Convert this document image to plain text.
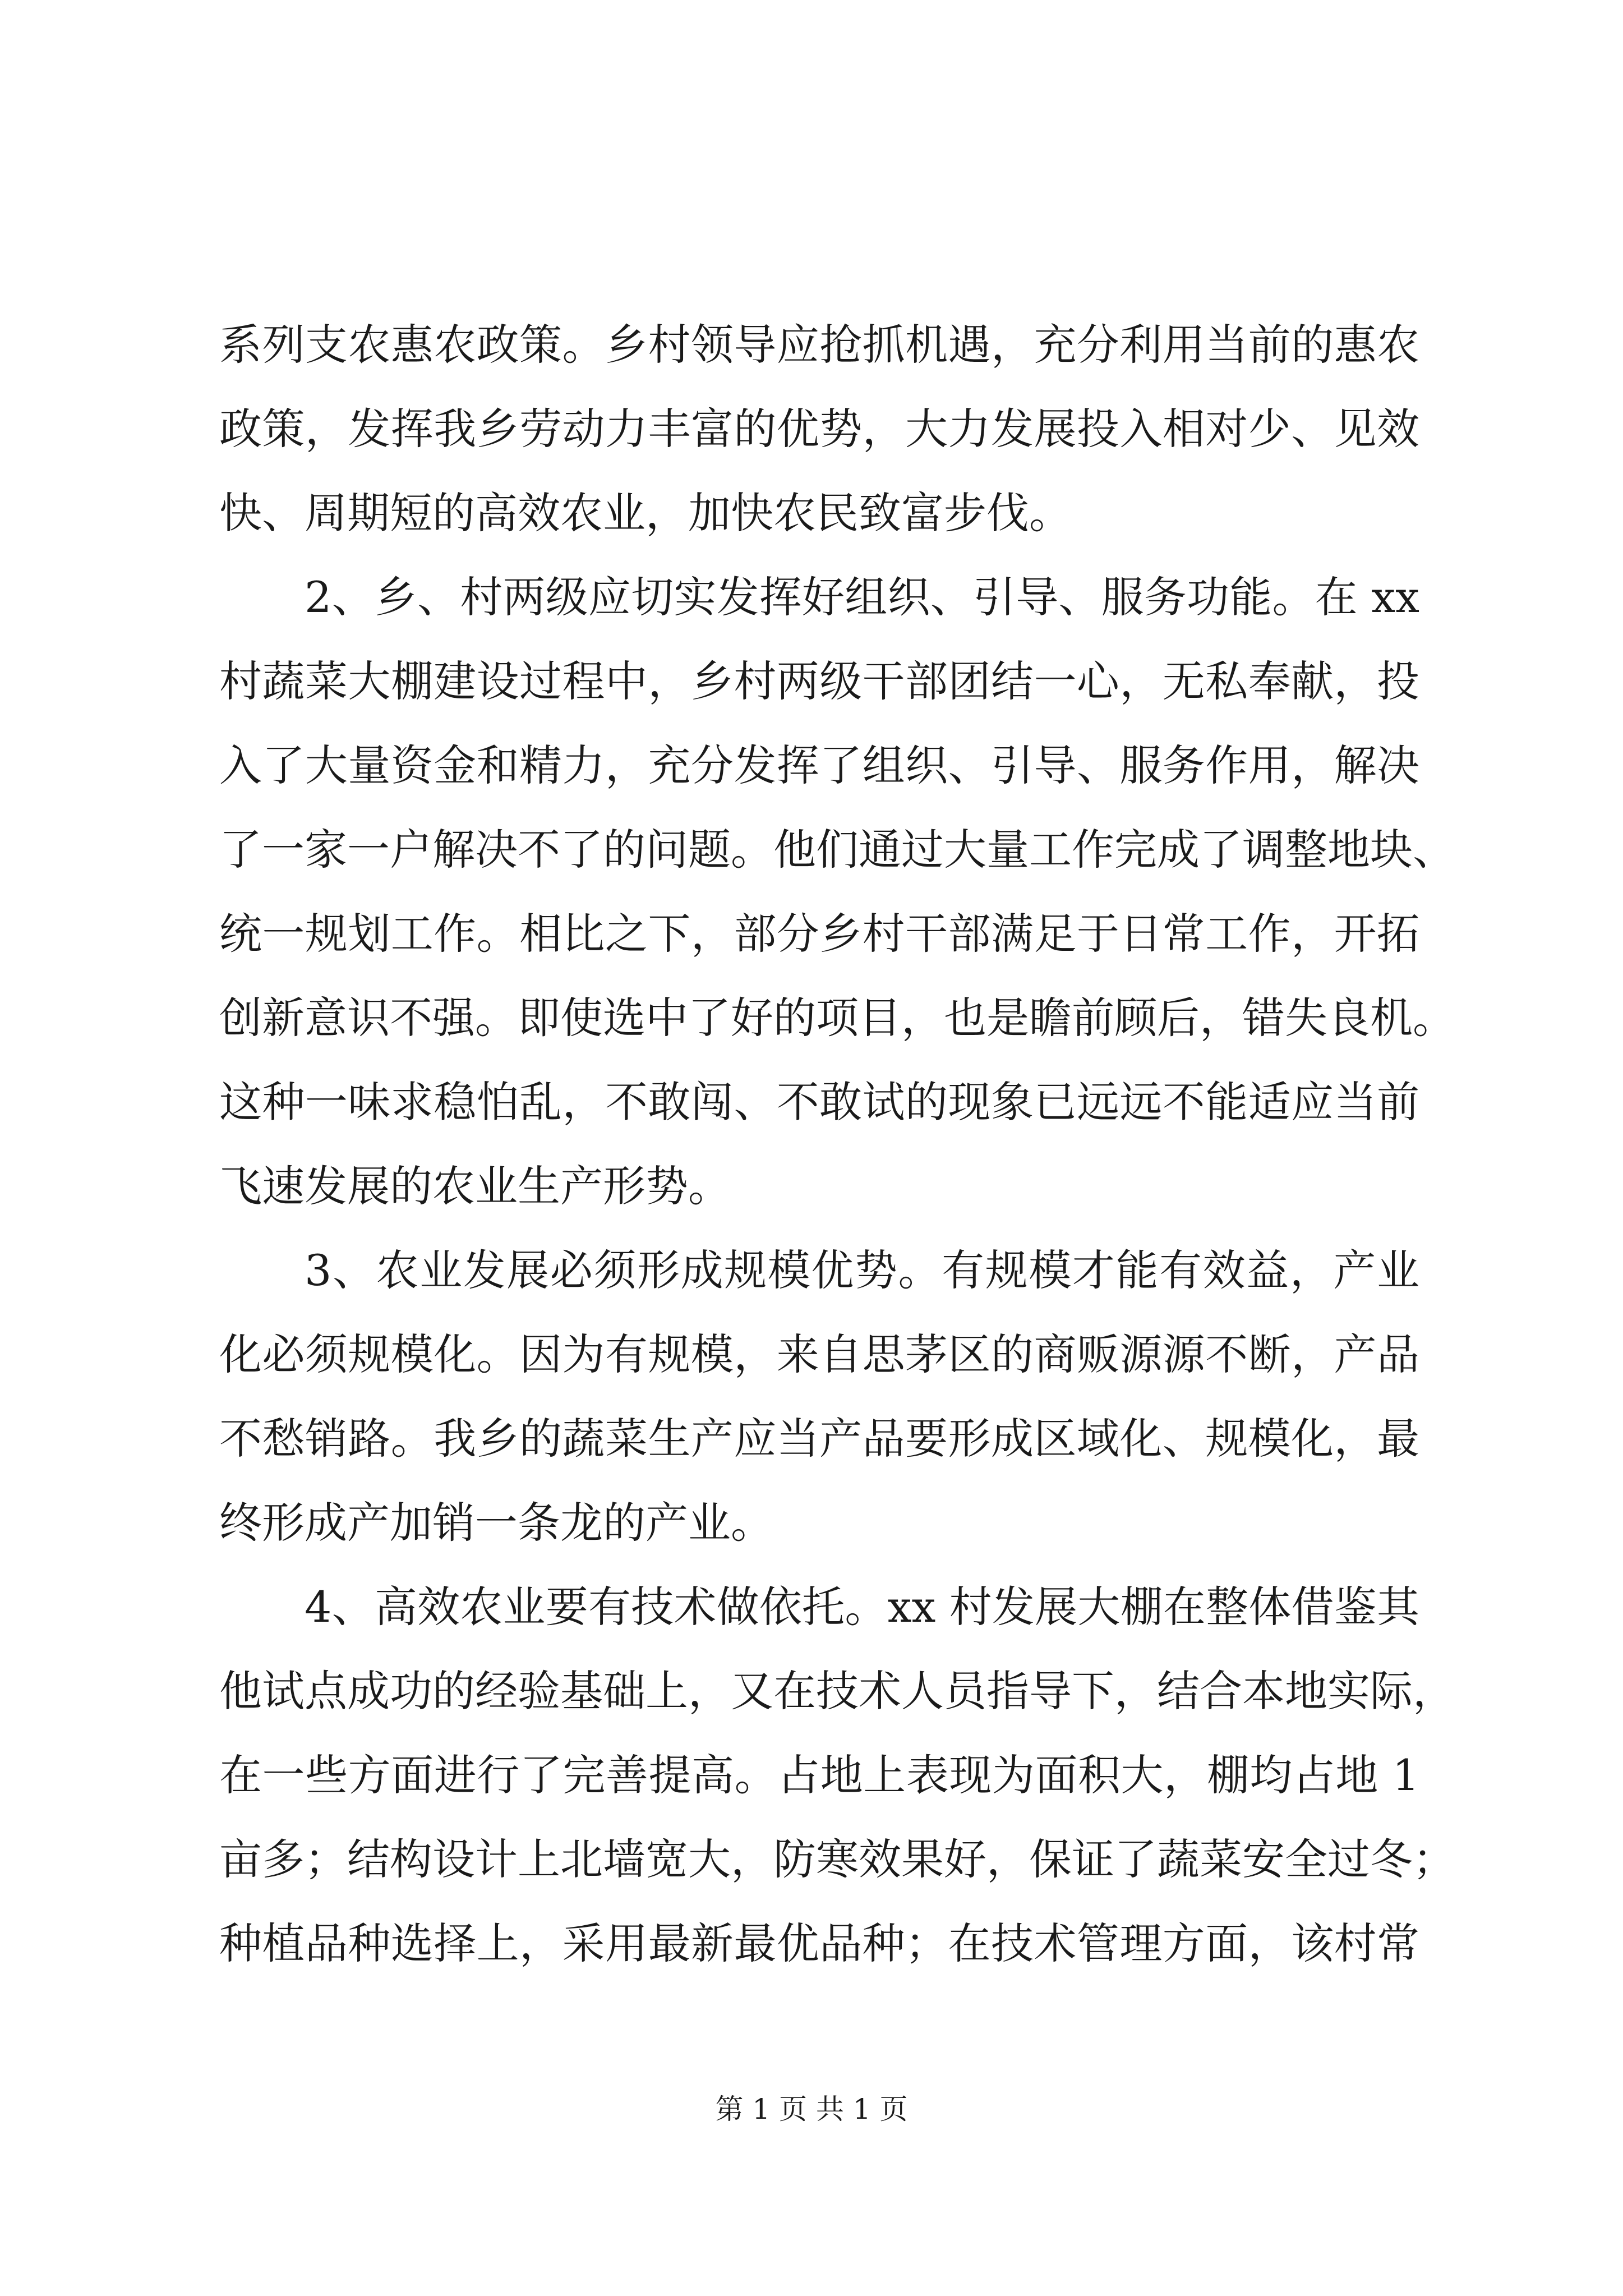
系列支农惠农政策。乡村领导应抢抓机遇，充分利用当前的惠农
政策，发挥我乡劳动力丰富的优势，大力发展投入相对少、见效
快、周期短的高效农业，加快农民致富步伐。
2、乡、村两级应切实发挥好组织、引导、服务功能。在 xx
村蔬菜大棚建设过程中，乡村两级干部团结一心，无私奉献，投
入了大量资金和精力，充分发挥了组织、引导、服务作用，解决
了一家一户解决不了的问题。他们通过大量工作完成了调整地块、
统一规划工作。相比之下，部分乡村干部满足于日常工作，开拓
创新意识不强。即使选中了好的项目，也是瞻前顾后，错失良机。
这种一味求稳怕乱，不敢闯、不敢试的现象已远远不能适应当前
飞速发展的农业生产形势。
3、农业发展必须形成规模优势。有规模才能有效益，产业
化必须规模化。因为有规模，来自思茅区的商贩源源不断，产品
不愁销路。我乡的蔬菜生产应当产品要形成区域化、规模化，最
终形成产加销一条龙的产业。
4、高效农业要有技术做依托。xx 村发展大棚在整体借鉴其
他试点成功的经验基础上，又在技术人员指导下，结合本地实际，
在一些方面进行了完善提高。占地上表现为面积大，棚均占地 1
亩多；结构设计上北墙宽大，防寒效果好，保证了蔬菜安全过冬；
种植品种选择上，采用最新最优品种；在技术管理方面，该村常
第 1 页 共 1 页
